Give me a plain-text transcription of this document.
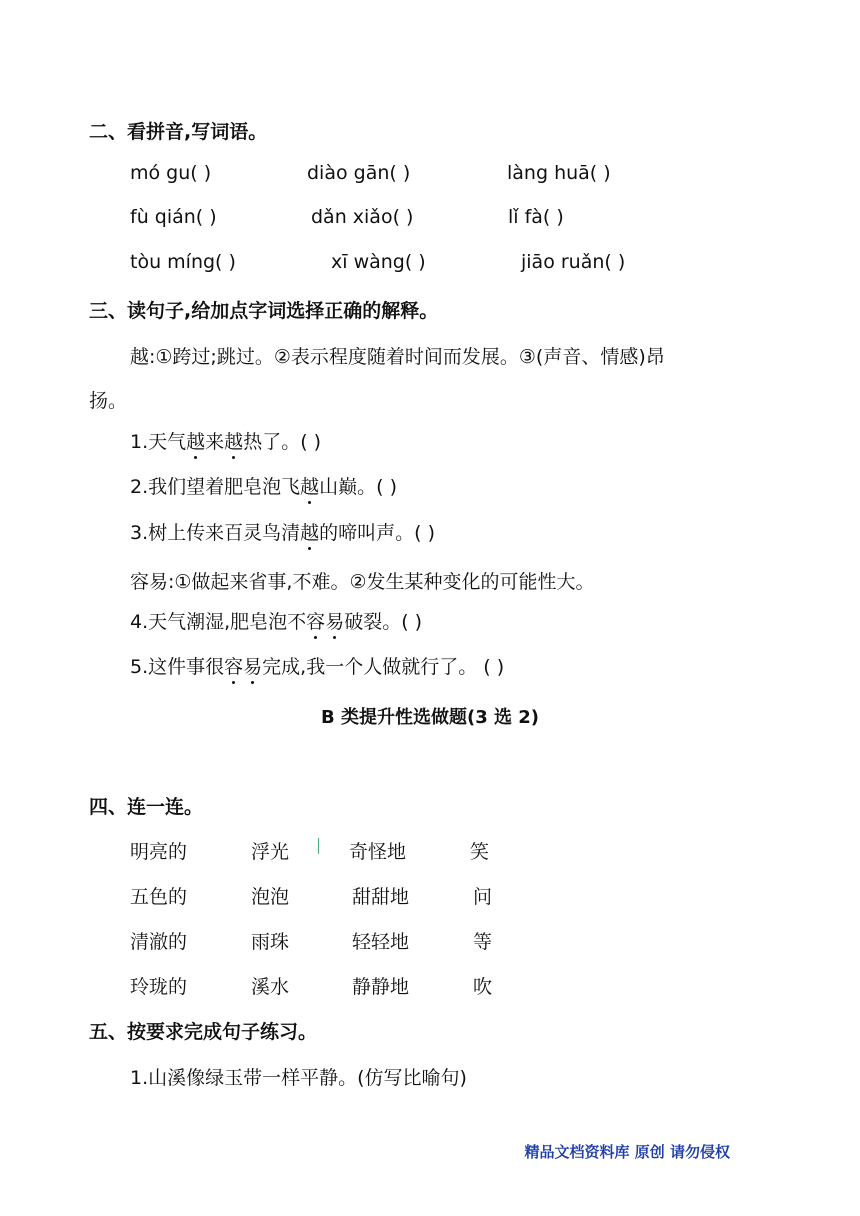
二、看拼音,写词语。
mó gu( )	diào gān( )	làng huā( )
fù qián( )	dǎn xiǎo( )	lǐ fà( )
tòu míng( )	xī wàng( )	jiāo ruǎn( )
三、读句子,给加点字词选择正确的解释。
越:①跨过;跳过。②表示程度随着时间而发展。③(声音、情感)昂
扬。
1.天气越来越热了。( )
2.我们望着肥皂泡飞越山巅。( )
3.树上传来百灵鸟清越的啼叫声。( )
容易:①做起来省事,不难。②发生某种变化的可能性大。
4.天气潮湿,肥皂泡不容易破裂。( )
5.这件事很容易完成,我一个人做就行了。 ( )
B 类提升性选做题(3 选 2)
四、连一连。
明亮的	浮光	奇怪地	笑
五色的	泡泡	甜甜地	问
清澈的	雨珠	轻轻地	等
玲珑的	溪水	静静地	吹
五、按要求完成句子练习。
1.山溪像绿玉带一样平静。(仿写比喻句)
精品文档资料库 原创 请勿侵权
